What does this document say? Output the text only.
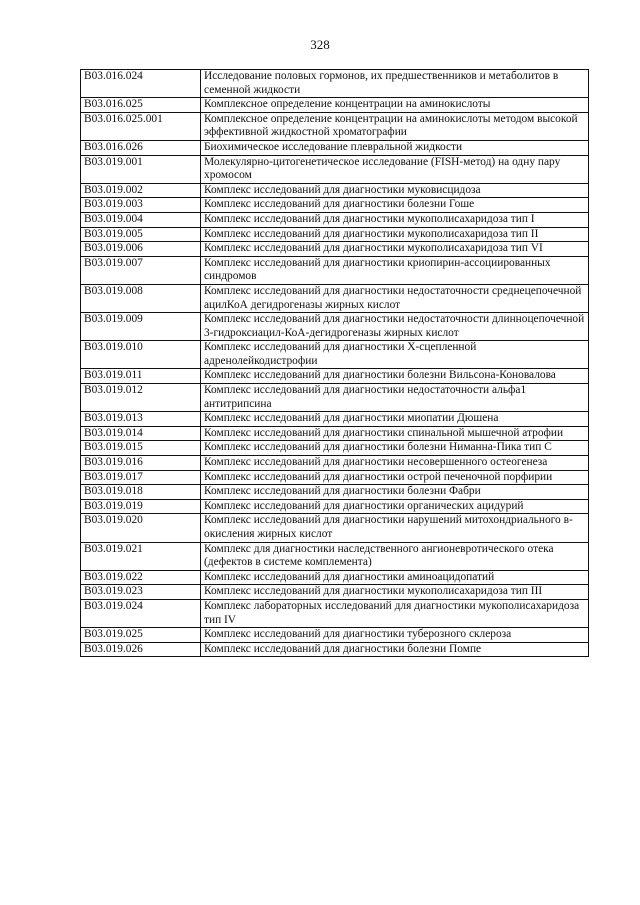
328
B03.016.024	Исследование половых гормонов, их предшественников и метаболитов в семенной жидкости
B03.016.025	Комплексное определение концентрации на аминокислоты
B03.016.025.001	Комплексное определение концентрации на аминокислоты методом высокой эффективной жидкостной хроматографии
B03.016.026	Биохимическое исследование плевральной жидкости
B03.019.001	Молекулярно-цитогенетическое исследование (FISH-метод) на одну пару хромосом
B03.019.002	Комплекс исследований для диагностики муковисцидоза
B03.019.003	Комплекс исследований для диагностики болезни Гоше
B03.019.004	Комплекс исследований для диагностики мукополисахаридоза тип I
B03.019.005	Комплекс исследований для диагностики мукополисахаридоза тип II
B03.019.006	Комплекс исследований для диагностики мукополисахаридоза тип VI
B03.019.007	Комплекс исследований для диагностики криопирин-ассоциированных синдромов
B03.019.008	Комплекс исследований для диагностики недостаточности среднецепочечной ацилКоА дегидрогеназы жирных кислот
B03.019.009	Комплекс исследований для диагностики недостаточности длинноцепочечной 3-гидроксиацил-КоА-дегидрогеназы жирных кислот
B03.019.010	Комплекс исследований для диагностики Х-сцепленной адренолейкодистрофии
B03.019.011	Комплекс исследований для диагностики болезни Вильсона-Коновалова
B03.019.012	Комплекс исследований для диагностики недостаточности альфа1 антитрипсина
B03.019.013	Комплекс исследований для диагностики миопатии Дюшена
B03.019.014	Комплекс исследований для диагностики спинальной мышечной атрофии
B03.019.015	Комплекс исследований для диагностики болезни Ниманна-Пика тип С
B03.019.016	Комплекс исследований для диагностики несовершенного остеогенеза
B03.019.017	Комплекс исследований для диагностики острой печеночной порфирии
B03.019.018	Комплекс исследований для диагностики болезни Фабри
B03.019.019	Комплекс исследований для диагностики органических ацидурий
B03.019.020	Комплекс исследований для диагностики нарушений митохондриального в-окисления жирных кислот
B03.019.021	Комплекс для диагностики наследственного ангионевротического отека (дефектов в системе комплемента)
B03.019.022	Комплекс исследований для диагностики аминоацидопатий
B03.019.023	Комплекс исследований для диагностики мукополисахаридоза тип III
B03.019.024	Комплекс лабораторных исследований для диагностики мукополисахаридоза тип IV
B03.019.025	Комплекс исследований для диагностики туберозного склероза
B03.019.026	Комплекс исследований для диагностики болезни Помпе
